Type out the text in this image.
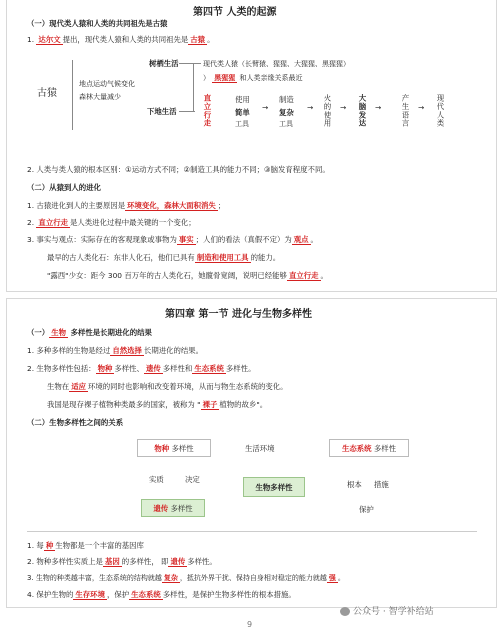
第四节 人类的起源
（一）现代类人猿和人类的共同祖先是古猿
1. 达尔文 提出，现代类人猿和人类的共同祖先是 古猿 。
古猿
地点运动气候变化
森林大量减少
树栖生活	现代类人猿（长臂猿、猩猩、大猩猩、黑猩猩）
） 黑猩猩 和人类亲缘关系最近
下地生活	直立行走	使用
简单
工具
→
制造
复杂
工具
→ 火的使用 → 大脑发达 →	产生语言 → 现代人类
2. 人类与类人猿的根本区别：①运动方式不同；②制造工具的能力不同；③脑发育程度不同。
（二）从猿到人的进化
1. 古猿进化到人的主要原因是 环境变化，森林大面积消失 ；
2. 直立行走 是人类进化过程中最关键的一个变化；
3. 事实与观点：实际存在的客观现象或事物为 事实 ；人们的看法（真假不定）为 观点 。
最早的古人类化石：东非人化石，他们已具有 制造和使用工具 的能力。
"露西"少女：距今 300 百万年的古人类化石，她髋骨宽阔，说明已经能够 直立行走 。
第四章 第一节 进化与生物多样性
（一） 生物 多样性是长期进化的结果
1. 多种多样的生物是经过 自然选择 长期进化的结果。
2. 生物多样性包括： 物种 多样性、 遗传 多样性和 生态系统 多样性。
生物在 适应 环境的同时也影响和改变着环境，从而与物生态系统的变化。
我国是现存裸子植物种类最多的国家，被称为 " 裸子 植物的故乡"。
（二）生物多样性之间的关系
物种
多样性	生活环境	生态系统
多样性
实质	决定
生物多样性	根本 措施
遗传
多样性	保护
1. 每 种 生物都是一个丰富的基因库
2. 物种多样性实质上是 基因 的多样性， 即 遗传 多样性。
3. 生物的种类越丰富，生态系统的结构就越 复杂 ，抵抗外界干扰、保持自身相对稳定的能力就越 强 。
4. 保护生物的 生存环境 ，保护 生态系统 多样性，是保护生物多样性的根本措施。
公众号 · 智学补给站
9
